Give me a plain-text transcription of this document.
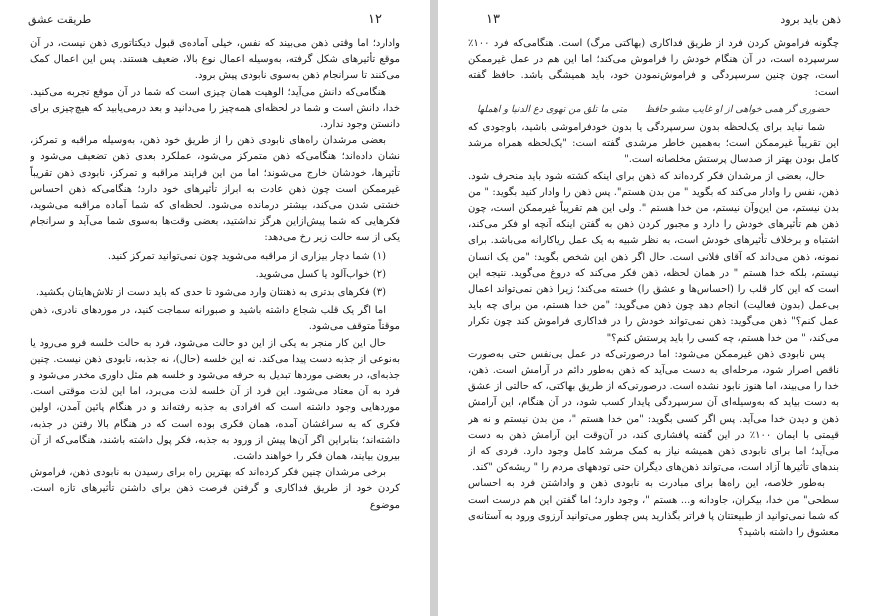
طریقت عشق	۱۲

وادارد؛ اما وقتی ذهن می‌بیند که نفس، خیلی آماده‌ی قبول دیکتاتوری ذهن نیست، در آن موقع تأثیرهای شکل گرفته، به‌وسیله اعمال نوع بالا، ضعیف هستند. پس این اعمال کمک می‌کنند تا سرانجام ذهن به‌سوی نابودی پیش برود.

هنگامی‌که دانش می‌آید؛ الوهیت همان چیزی است که شما در آن موقع تجربه می‌کنید. خدا، دانش است و شما در لحظه‌ای همه‌چیز را می‌دانید و بعد درمی‌یابید که هیچ‌چیزی برای دانستن وجود ندارد.

بعضی مرشدان راه‌های نابودی ذهن را از طریق خود ذهن، به‌وسیله مراقبه و تمرکز، نشان داده‌اند؛ هنگامی‌که ذهن متمرکز می‌شود، عملکرد بعدی ذهن تضعیف می‌شود و تأثیرها، خودشان خارج می‌شوند؛ اما من این فرایند مراقبه و تمرکز، نابودی ذهن تقریباً غیرممکن است چون ذهن عادت به ابراز تأثیرهای خود دارد؛ هنگامی‌که ذهن احساس خشتی شدن می‌کند، بیشتر درمانده می‌شود. لحظه‌ای که شما آماده مراقبه می‌شوید، فکرهایی که شما پیش‌ازاین هرگز نداشتید، بعضی وقت‌ها به‌سوی شما می‌آید و سرانجام یکی از سه حالت زیر رخ می‌دهد:

(۱) شما دچار بیزاری از مراقبه می‌شوید چون نمی‌توانید تمرکز کنید.

(۲) خواب‌آلود یا کسل می‌شوید.

(۳) فکرهای بدتری به ذهنتان وارد می‌شود تا حدی که باید دست از تلاش‌هایتان بکشید.

اما اگر یک قلب شجاع داشته باشید و صبورانه سماجت کنید، در موردهای نادری، ذهن موقتاً متوقف می‌شود.

حال این کار منجر به یکی از این دو حالت می‌شود، فرد به حالت خلسه فرو می‌رود یا به‌نوعی از جذبه دست پیدا می‌کند. نه این خلسه (حال)، نه جذبه، نابودی ذهن نیست. چنین جذبه‌ای، در بعضی موردها تبدیل به حرفه می‌شود و خلسه هم مثل داوری مخدر می‌شود و فرد به آن معتاد می‌شود. این فرد از آن خلسه لذت می‌برد، اما این لذت موقتی است. موردهایی وجود داشته است که افرادی به جذبه رفته‌اند و در هنگام پائین آمدن، اولین فکری که به سراغشان آمده، همان فکری بوده است که در هنگام بالا رفتن در جذبه، داشته‌اند؛ بنابراین اگر آن‌ها پیش از ورود به جذبه، فکر پول داشته باشند، هنگامی‌که از آن بیرون بیایند، همان فکر را خواهند داشت.

برخی مرشدان چنین فکر کرده‌اند که بهترین راه برای رسیدن به نابودی ذهن، فراموش کردن خود از طریق فداکاری و گرفتن فرصت ذهن برای داشتن تأثیرهای تازه است. موضوع

۱۳	ذهن باید برود

چگونه فراموش کردن فرد از طریق فداکاری (بهاکتی مرگ) است. هنگامی‌که فرد ۱۰۰٪ سرسپرده است، در آن هنگام خودش را فراموش می‌کند؛ اما این هم در عمل غیرممکن است، چون چنین سرسپردگی و فراموش‌نمودن خود، باید همیشگی باشد. حافظ گفته است:

حضوری گر همی خواهی از او غایب مشو حافظ
متی ما تلق من تهوی دع الدنیا و اهملها

شما نباید برای یک‌لحظه بدون سرسپردگی یا بدون خودفراموشی باشید، باوجودی که این تقریباً غیرممکن است؛ به‌همین خاطر مرشدی گفته است: "یک‌لحظه همراه مرشد کامل بودن بهتر از صدسال پرستش مخلصانه است."

حال، بعضی از مرشدان فکر کرده‌اند که ذهن برای اینکه کشته شود باید منحرف شود. ذهن، نفس را وادار می‌کند که بگوید " من بدن هستم". پس ذهن را وادار کنید بگوید: " من بدن نیستم، من این‌وآن نیستم، من خدا هستم ". ولی این هم تقریباً غیرممکن است، چون ذهن هم تأثیرهای خودش را دارد و مجبور کردن ذهن به گفتن اینکه آنچه او فکر می‌کند، اشتباه و برخلاف تأثیرهای خودش است، به نظر شبیه به یک عمل ریاکارانه می‌باشد. برای نمونه، ذهن می‌داند که آقای فلانی است. حال اگر ذهن این شخص بگوید: "من یک انسان نیستم، بلکه خدا هستم " در همان لحظه، ذهن فکر می‌کند که دروغ می‌گوید. نتیجه این است که این کار قلب را (احساس‌ها و عشق را) خسته می‌کند؛ زیرا ذهن نمی‌تواند اعمال بی‌عمل (بدون فعالیت) انجام دهد چون ذهن می‌گوید: "من خدا هستم، من برای چه باید عمل کنم؟" ذهن می‌گوید: ذهن نمی‌تواند خودش را در فداکاری فراموش کند چون تکرار می‌کند، " من خدا هستم، چه کسی را باید پرستش کنم؟"

پس نابودی ذهن غیرممکن می‌شود: اما درصورتی‌که در عمل بی‌نفس حتی به‌صورت ناقص اصرار شود، مرحله‌ای به دست می‌آید که ذهن به‌طور دائم در آرامش است. ذهن، خدا را می‌بیند، اما هنوز نابود نشده است. درصورتی‌که از طریق بهاکتی، که حالتی از عشق به دست بیاید که به‌وسیله‌ای آن سرسپردگی پایدار کسب شود، در آن هنگام، این آرامش ذهن و دیدن خدا می‌آید. پس اگر کسی بگوید: "من خدا هستم "، من بدن نیستم و نه هر قیمتی با ایمان ۱۰۰٪ در این گفته پافشاری کند، در آن‌وقت این آرامش ذهن به دست می‌آید؛ اما برای نابودی ذهن همیشه نیاز به کمک مرشد کامل وجود دارد. فردی که از بندهای تأثیرها آزاد است، می‌تواند ذهن‌های دیگران حتی تودههای مردم را " ریشه‌کن "کند.

به‌طور خلاصه، این راه‌ها برای مبادرت به نابودی ذهن و واداشتن فرد به احساس سطحی" من خدا، بیکران، جاودانه و... هستم "، وجود دارد؛ اما گفتن این هم درست است که شما نمی‌توانید از طبیعتتان پا فراتر بگذارید پس چطور می‌توانید آرزوی ورود به آستانه‌ی معشوق را داشته باشید؟
